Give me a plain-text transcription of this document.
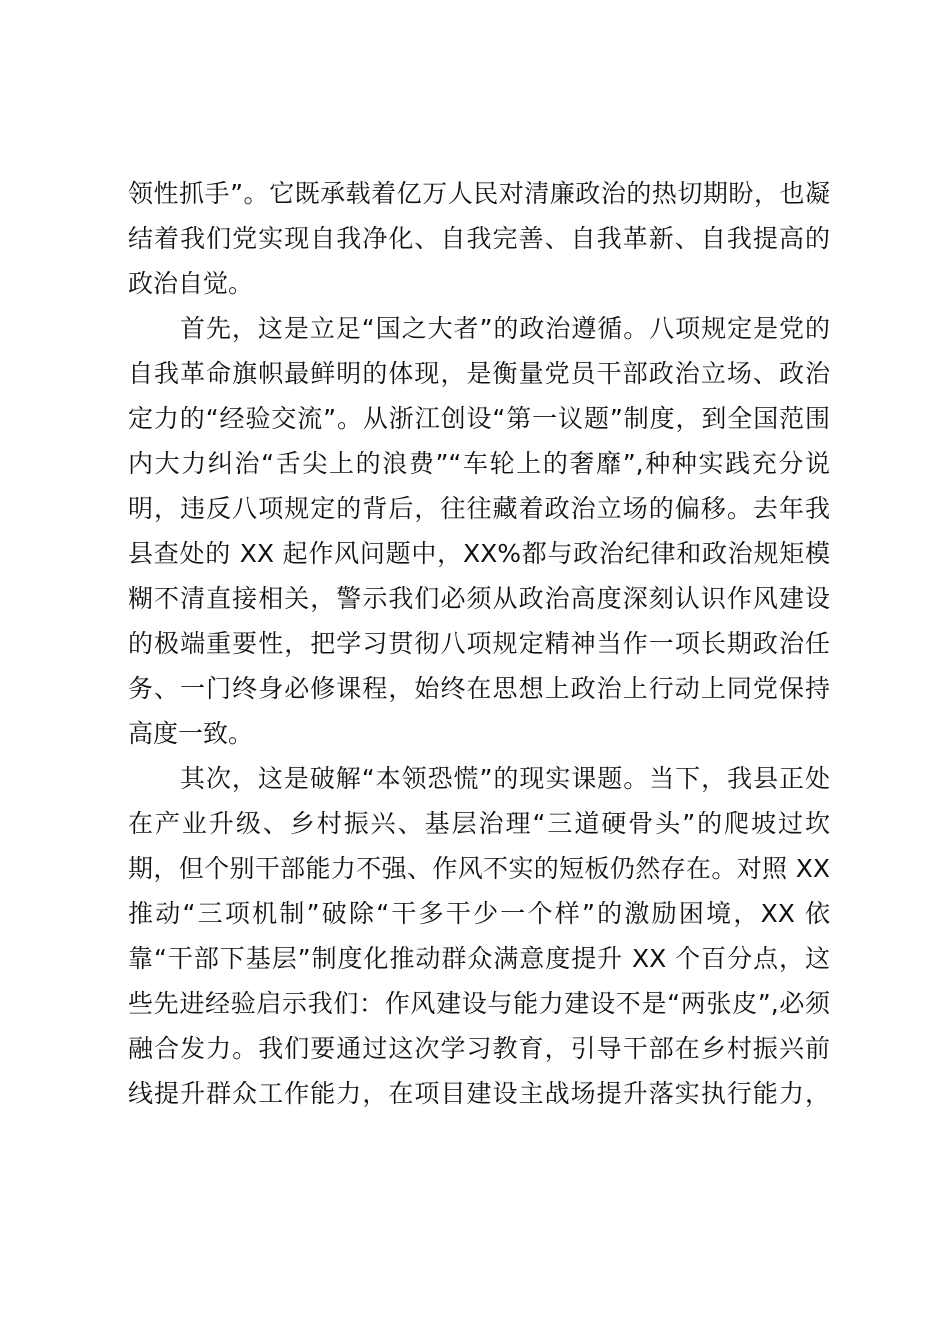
领性抓手”。它既承载着亿万人民对清廉政治的热切期盼，也凝
结着我们党实现自我净化、自我完善、自我革新、自我提高的
政治自觉。
首先，这是立足“国之大者”的政治遵循。八项规定是党的
自我革命旗帜最鲜明的体现，是衡量党员干部政治立场、政治
定力的“经验交流”。从浙江创设“第一议题”制度，到全国范围
内大力纠治“舌尖上的浪费”“车轮上的奢靡”,种种实践充分说
明，违反八项规定的背后，往往藏着政治立场的偏移。去年我
县查处的 XX 起作风问题中，XX%都与政治纪律和政治规矩模
糊不清直接相关，警示我们必须从政治高度深刻认识作风建设
的极端重要性，把学习贯彻八项规定精神当作一项长期政治任
务、一门终身必修课程，始终在思想上政治上行动上同党保持
高度一致。
其次，这是破解“本领恐慌”的现实课题。当下，我县正处
在产业升级、乡村振兴、基层治理“三道硬骨头”的爬坡过坎
期，但个别干部能力不强、作风不实的短板仍然存在。对照 XX
推动“三项机制”破除“干多干少一个样”的激励困境，XX 依
靠“干部下基层”制度化推动群众满意度提升 XX 个百分点，这
些先进经验启示我们：作风建设与能力建设不是“两张皮”,必须
融合发力。我们要通过这次学习教育，引导干部在乡村振兴前
线提升群众工作能力，在项目建设主战场提升落实执行能力，
